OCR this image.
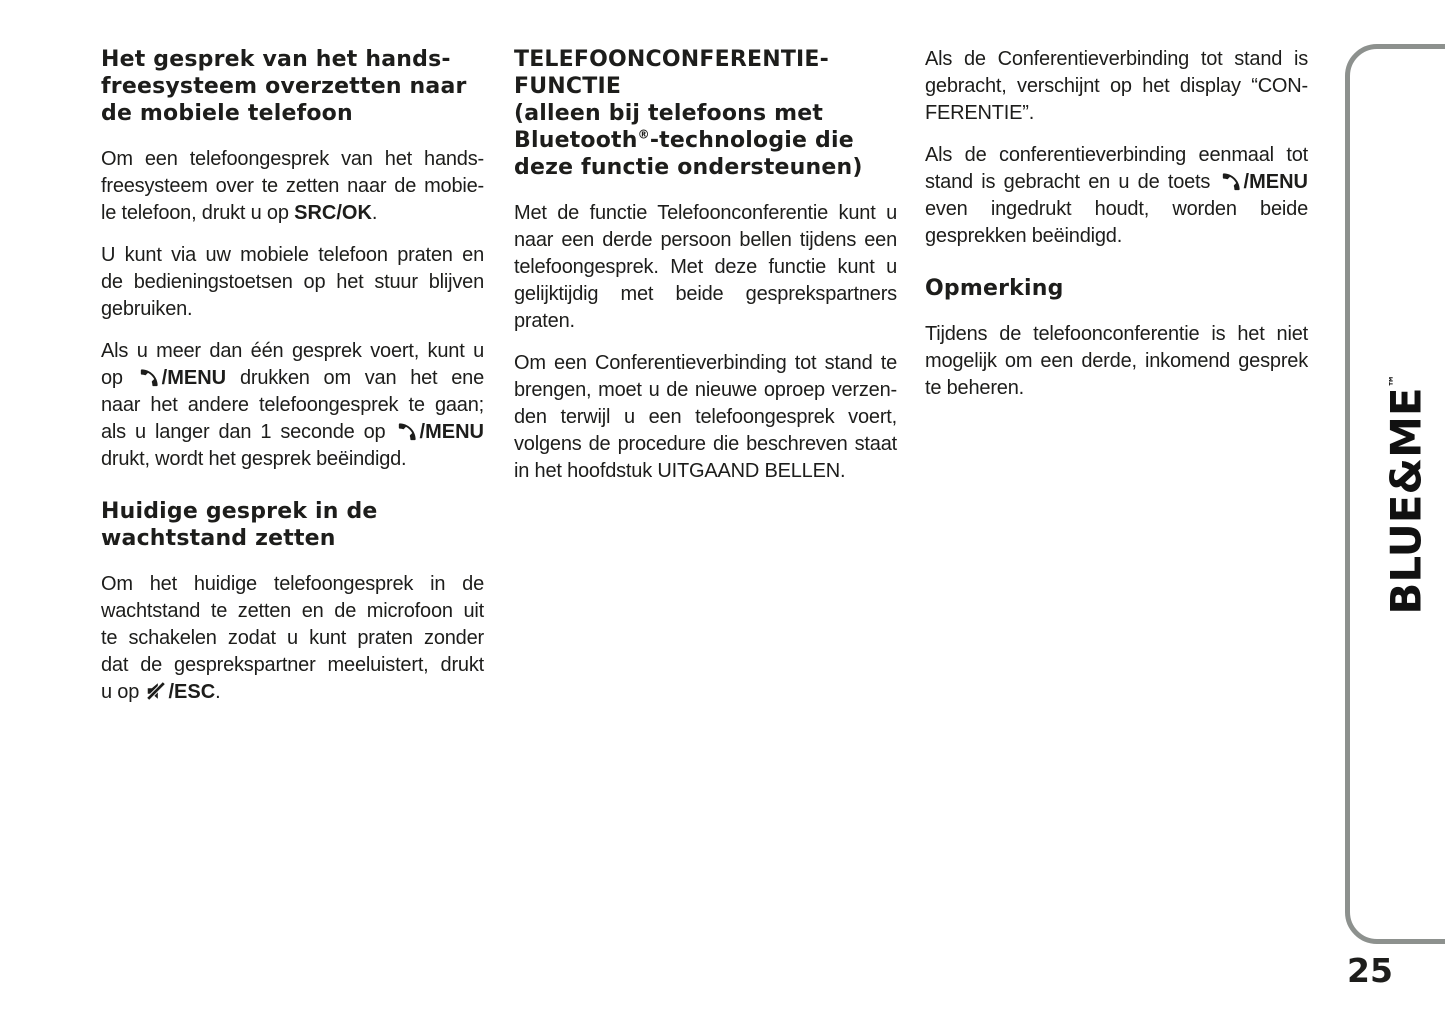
Het gesprek van het hands-
freesysteem overzetten naar
de mobiele telefoon
Om een telefoongesprek van het hands-
freesysteem over te zetten naar de mobie-
le telefoon, drukt u op SRC/OK.
U kunt via uw mobiele telefoon praten en
de bedieningstoetsen op het stuur blijven
gebruiken.
Als u meer dan één gesprek voert, kunt u
op /MENU drukken om van het ene
naar het andere telefoongesprek te gaan;
als u langer dan 1 seconde op /MENU
drukt, wordt het gesprek beëindigd.
Huidige gesprek in de
wachtstand zetten
Om het huidige telefoongesprek in de
wachtstand te zetten en de microfoon uit
te schakelen zodat u kunt praten zonder
dat de gesprekspartner meeluistert, drukt
u op /ESC.
TELEFOONCONFERENTIE-
FUNCTIE
(alleen bij telefoons met
Bluetooth®-technologie die
deze functie ondersteunen)
Met de functie Telefoonconferentie kunt u
naar een derde persoon bellen tijdens een
telefoongesprek. Met deze functie kunt u
gelijktijdig met beide gesprekspartners
praten.
Om een Conferentieverbinding tot stand te
brengen, moet u de nieuwe oproep verzen-
den terwijl u een telefoongesprek voert,
volgens de procedure die beschreven staat
in het hoofdstuk UITGAAND BELLEN.
Als de Conferentieverbinding tot stand is
gebracht, verschijnt op het display “CON-
FERENTIE”.
Als de conferentieverbinding eenmaal tot
stand is gebracht en u de toets /MENU
even ingedrukt houdt, worden beide
gesprekken beëindigd.
Opmerking
Tijdens de telefoonconferentie is het niet
mogelijk om een derde, inkomend gesprek
te beheren.	BLUE&ME™
25
